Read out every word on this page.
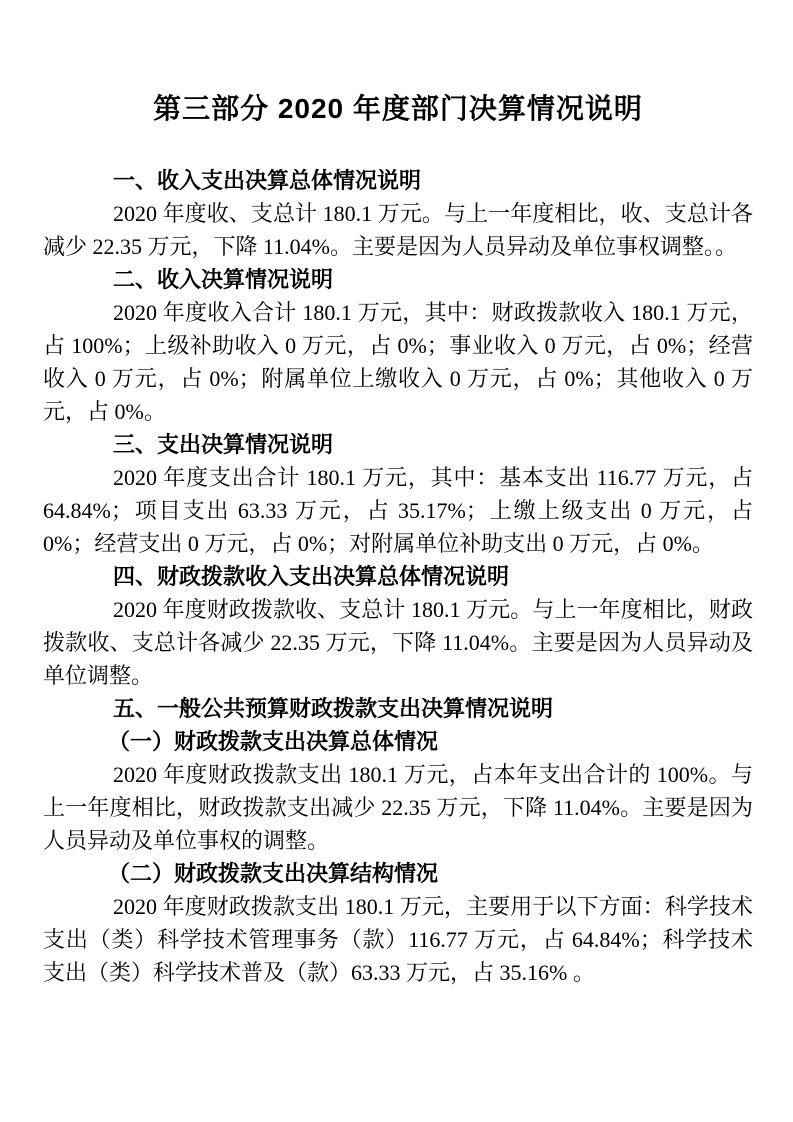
第三部分 2020 年度部门决算情况说明
一、收入支出决算总体情况说明
2020 年度收、支总计 180.1 万元。与上一年度相比，收、支总计各减少 22.35 万元，下降 11.04%。主要是因为人员异动及单位事权调整。。
二、收入决算情况说明
2020 年度收入合计 180.1 万元，其中：财政拨款收入 180.1 万元，占 100%；上级补助收入 0 万元，占 0%；事业收入 0 万元，占 0%；经营收入 0 万元，占 0%；附属单位上缴收入 0 万元，占 0%；其他收入 0 万元，占 0%。
三、支出决算情况说明
2020 年度支出合计 180.1 万元，其中：基本支出 116.77 万元，占 64.84%；项目支出 63.33 万元，占 35.17%；上缴上级支出 0 万元，占 0%；经营支出 0 万元，占 0%；对附属单位补助支出 0 万元，占 0%。
四、财政拨款收入支出决算总体情况说明
2020 年度财政拨款收、支总计 180.1 万元。与上一年度相比，财政拨款收、支总计各减少 22.35 万元，下降 11.04%。主要是因为人员异动及单位调整。
五、一般公共预算财政拨款支出决算情况说明
（一）财政拨款支出决算总体情况
2020 年度财政拨款支出 180.1 万元，占本年支出合计的 100%。与上一年度相比，财政拨款支出减少 22.35 万元，下降 11.04%。主要是因为人员异动及单位事权的调整。
（二）财政拨款支出决算结构情况
2020 年度财政拨款支出 180.1 万元，主要用于以下方面：科学技术支出（类）科学技术管理事务（款）116.77 万元，占 64.84%；科学技术支出（类）科学技术普及（款）63.33 万元，占 35.16% 。
